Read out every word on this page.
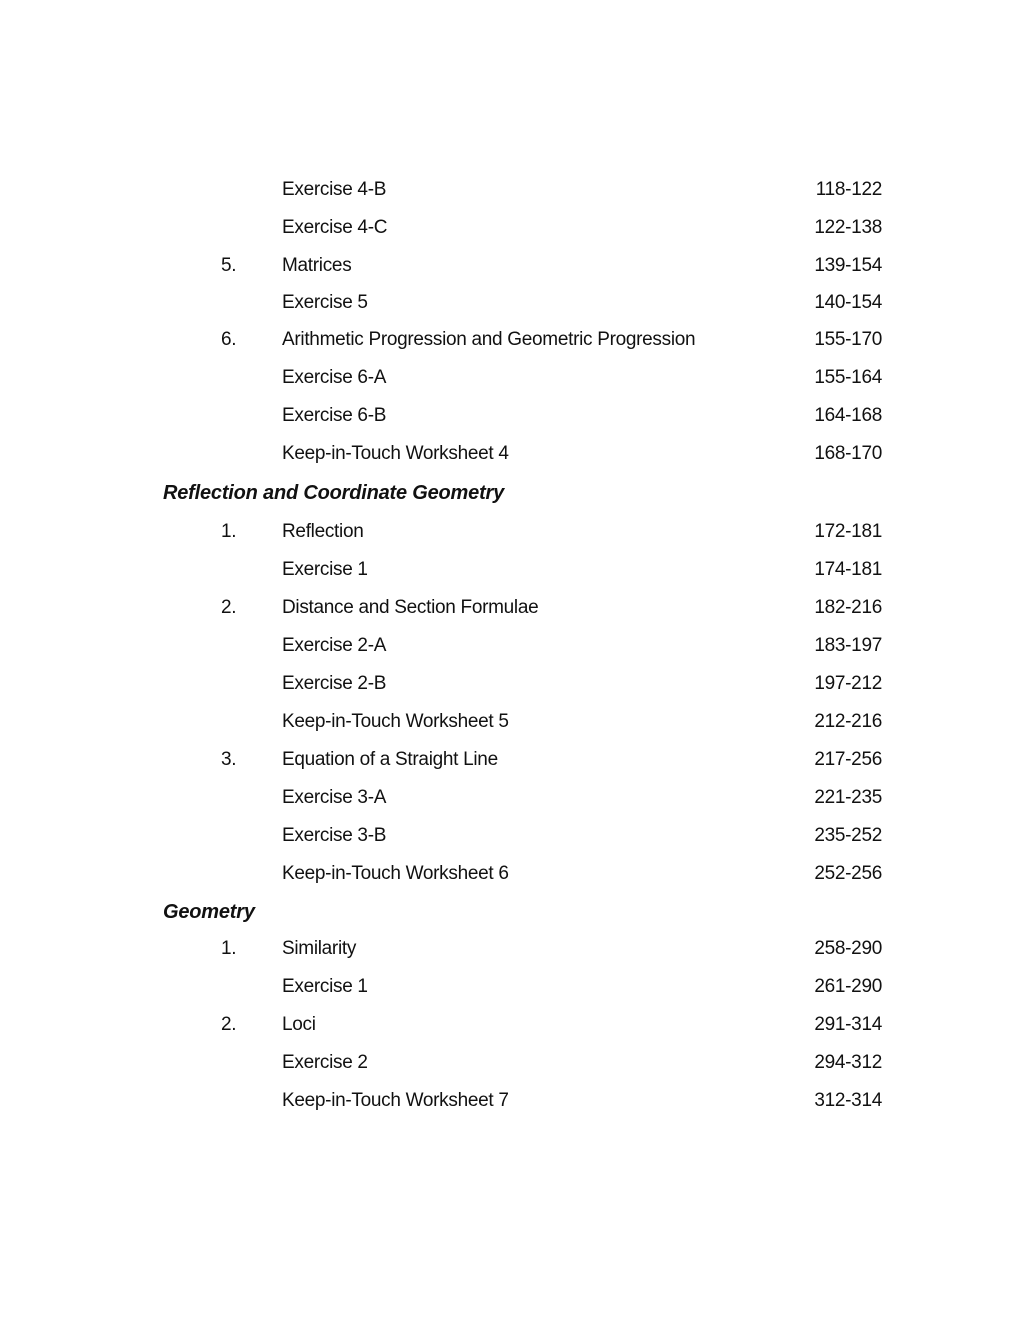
Exercise 4-B	118-122
Exercise 4-C	122-138
5. Matrices	139-154
Exercise 5	140-154
6. Arithmetic Progression and Geometric Progression	155-170
Exercise 6-A	155-164
Exercise 6-B	164-168
Keep-in-Touch Worksheet 4	168-170
Reflection and Coordinate Geometry
1. Reflection	172-181
Exercise 1	174-181
2. Distance and Section Formulae	182-216
Exercise 2-A	183-197
Exercise 2-B	197-212
Keep-in-Touch Worksheet 5	212-216
3. Equation of a Straight Line	217-256
Exercise 3-A	221-235
Exercise 3-B	235-252
Keep-in-Touch Worksheet 6	252-256
Geometry
1. Similarity	258-290
Exercise 1	261-290
2. Loci	291-314
Exercise 2	294-312
Keep-in-Touch Worksheet 7	312-314
